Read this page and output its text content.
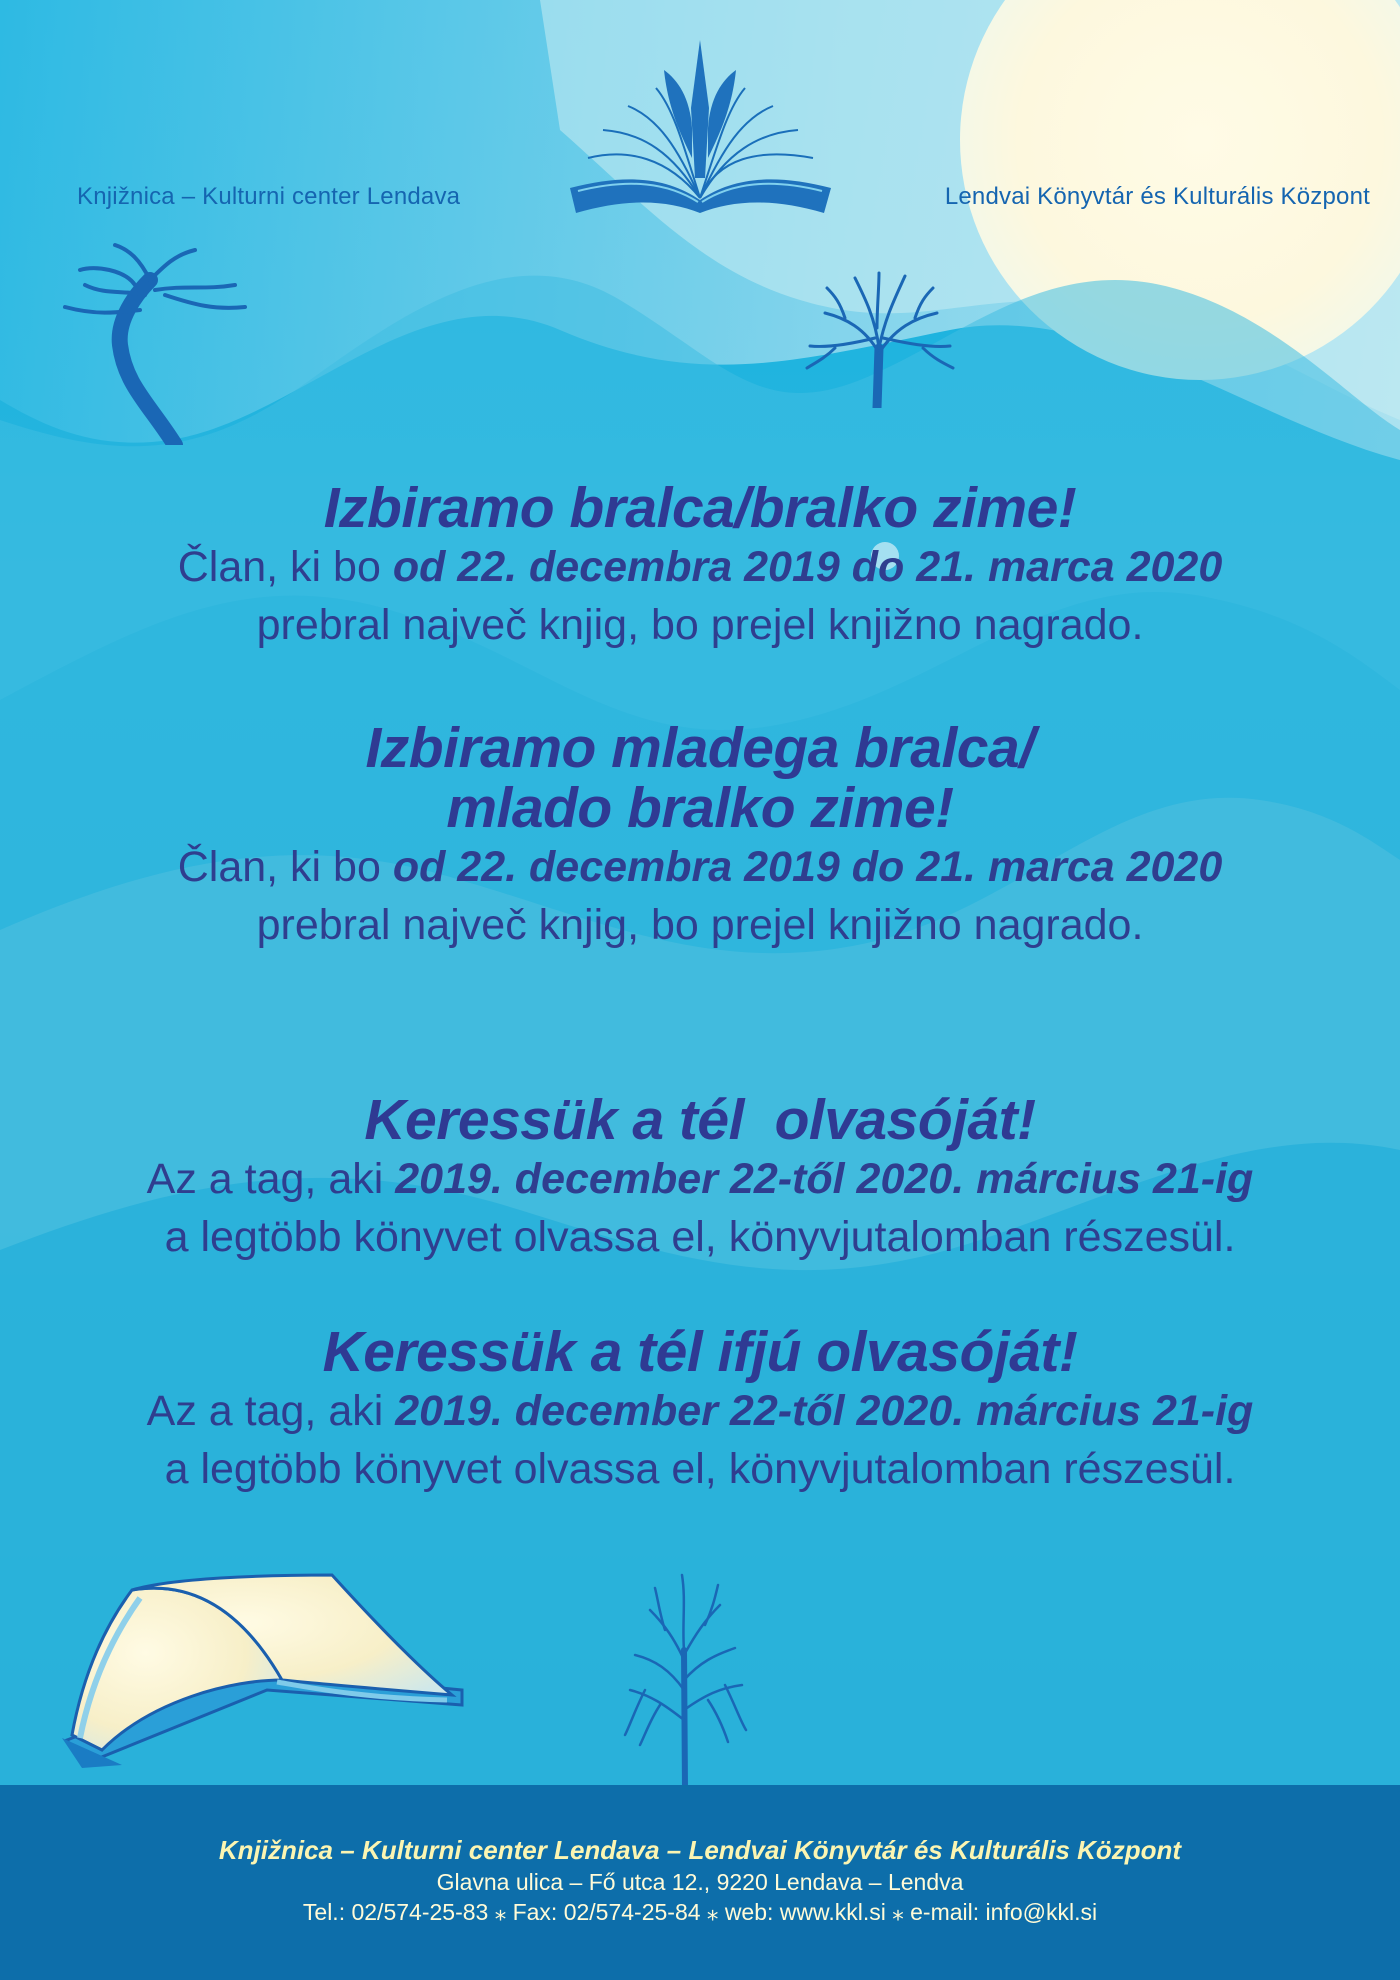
Knjižnica – Kulturni center Lendava	Lendvai Könyvtár és Kulturális Központ
Izbiramo bralca/bralko zime!
Član, ki bo od 22. decembra 2019 do 21. marca 2020
prebral največ knjig, bo prejel knjižno nagrado.
Izbiramo mladega bralca/
mlado bralko zime!
Član, ki bo od 22. decembra 2019 do 21. marca 2020
prebral največ knjig, bo prejel knjižno nagrado.
Keressük a tél  olvasóját!
Az a tag, aki 2019. december 22-től 2020. március 21-ig
a legtöbb könyvet olvassa el, könyvjutalomban részesül.
Keressük a tél ifjú olvasóját!
Az a tag, aki 2019. december 22-től 2020. március 21-ig
a legtöbb könyvet olvassa el, könyvjutalomban részesül.
Knjižnica – Kulturni center Lendava – Lendvai Könyvtár és Kulturális Központ
Glavna ulica – Fő utca 12., 9220 Lendava – Lendva
Tel.: 02/574-25-83 ⁎ Fax: 02/574-25-84 ⁎ web: www.kkl.si ⁎ e-mail: info@kkl.si
